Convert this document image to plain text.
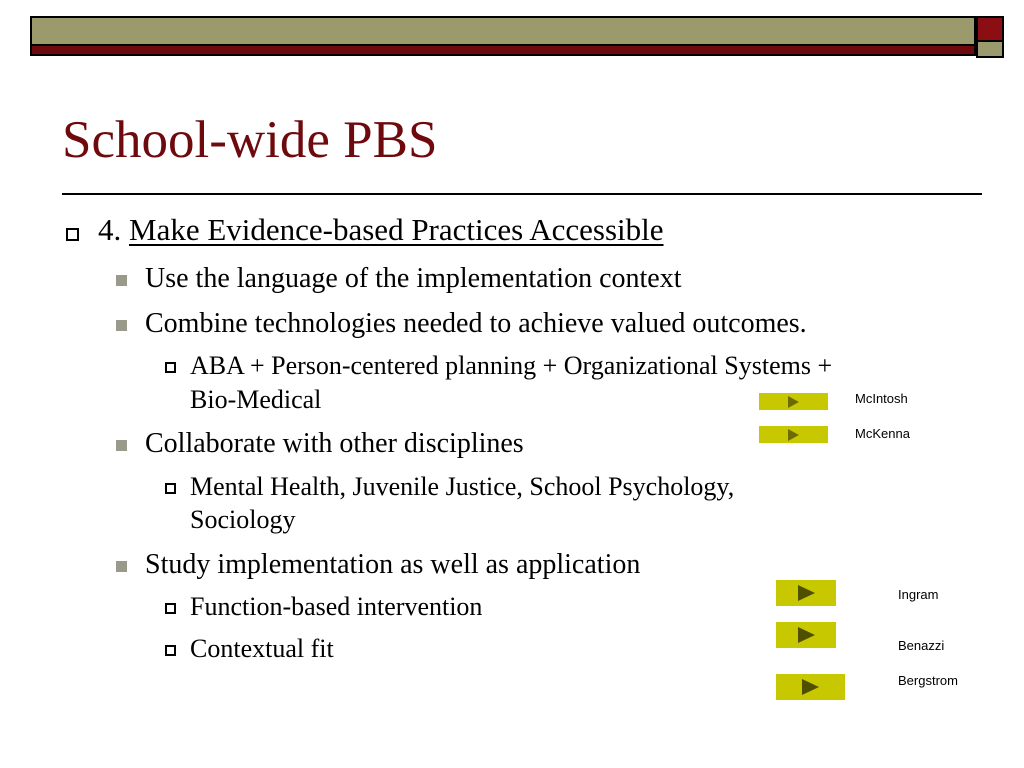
School-wide PBS
4. Make Evidence-based Practices Accessible
Use the language of the implementation context
Combine technologies needed to achieve valued outcomes.
ABA + Person-centered planning + Organizational Systems +
Bio-Medical
Collaborate with other disciplines
Mental Health, Juvenile Justice, School Psychology,
Sociology
Study implementation as well as application
Function-based intervention
Contextual fit
McIntosh
McKenna
Ingram
Benazzi
Bergstrom
